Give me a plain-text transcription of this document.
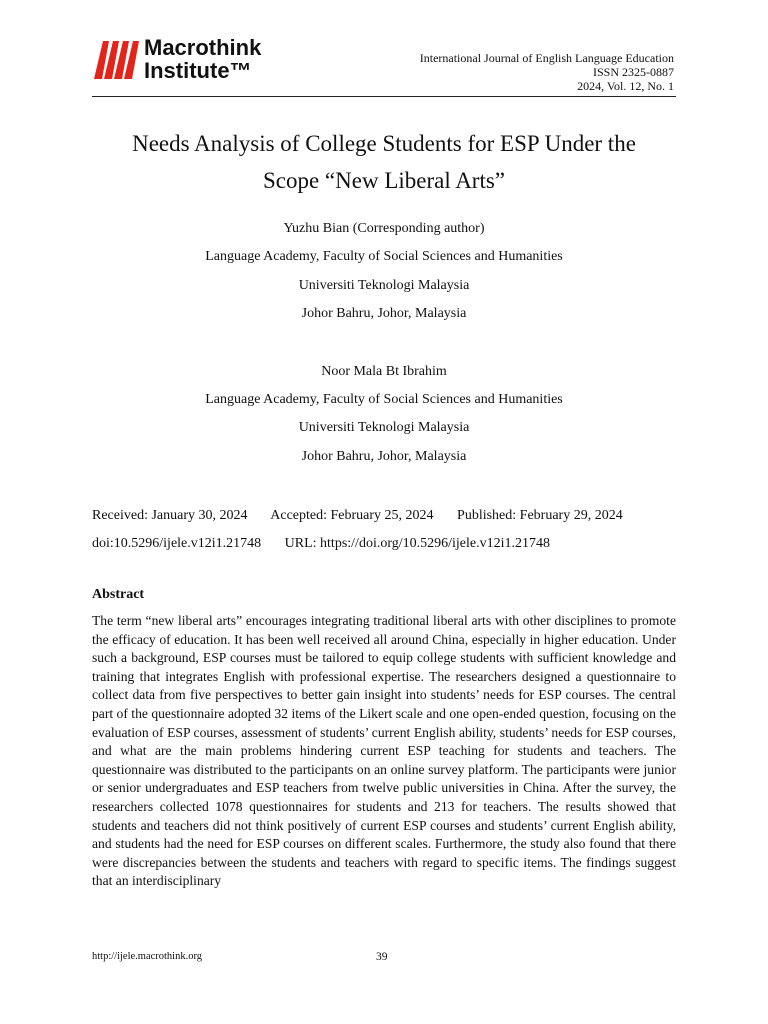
Macrothink
Institute™	International Journal of English Language Education
ISSN 2325-0887
2024, Vol. 12, No. 1
Needs Analysis of College Students for ESP Under the
Scope “New Liberal Arts”
Yuzhu Bian (Corresponding author)
Language Academy, Faculty of Social Sciences and Humanities
Universiti Teknologi Malaysia
Johor Bahru, Johor, Malaysia
Noor Mala Bt Ibrahim
Language Academy, Faculty of Social Sciences and Humanities
Universiti Teknologi Malaysia
Johor Bahru, Johor, Malaysia
Received: January 30, 2024 Accepted: February 25, 2024 Published: February 29, 2024
doi:10.5296/ijele.v12i1.21748 URL: https://doi.org/10.5296/ijele.v12i1.21748
Abstract
The term “new liberal arts” encourages integrating traditional liberal arts with other disciplines to promote the efficacy of education. It has been well received all around China, especially in higher education. Under such a background, ESP courses must be tailored to equip college students with sufficient knowledge and training that integrates English with professional expertise. The researchers designed a questionnaire to collect data from five perspectives to better gain insight into students’ needs for ESP courses. The central part of the questionnaire adopted 32 items of the Likert scale and one open-ended question, focusing on the evaluation of ESP courses, assessment of students’ current English ability, students’ needs for ESP courses, and what are the main problems hindering current ESP teaching for students and teachers. The questionnaire was distributed to the participants on an online survey platform. The participants were junior or senior undergraduates and ESP teachers from twelve public universities in China. After the survey, the researchers collected 1078 questionnaires for students and 213 for teachers. The results showed that students and teachers did not think positively of current ESP courses and students’ current English ability, and students had the need for ESP courses on different scales. Furthermore, the study also found that there were discrepancies between the students and teachers with regard to specific items. The findings suggest that an interdisciplinary
http://ijele.macrothink.org	39
